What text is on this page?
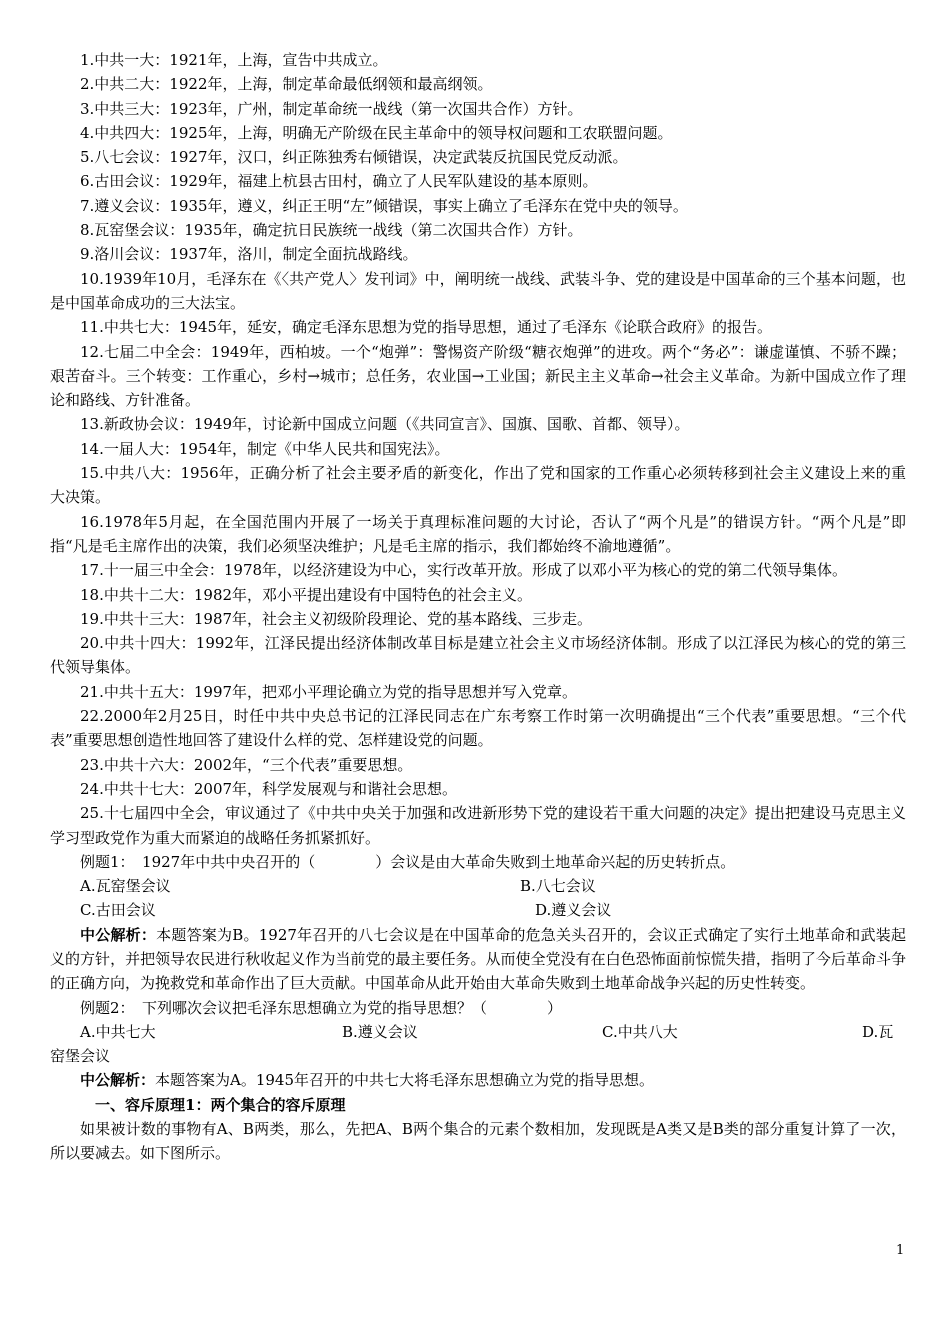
1.中共一大：1921年，上海，宣告中共成立。

2.中共二大：1922年，上海，制定革命最低纲领和最高纲领。

3.中共三大：1923年，广州，制定革命统一战线（第一次国共合作）方针。

4.中共四大：1925年，上海，明确无产阶级在民主革命中的领导权问题和工农联盟问题。

5.八七会议：1927年，汉口，纠正陈独秀右倾错误，决定武装反抗国民党反动派。

6.古田会议：1929年，福建上杭县古田村，确立了人民军队建设的基本原则。

7.遵义会议：1935年，遵义，纠正王明“左”倾错误，事实上确立了毛泽东在党中央的领导。

8.瓦窑堡会议：1935年，确定抗日民族统一战线（第二次国共合作）方针。

9.洛川会议：1937年，洛川，制定全面抗战路线。

10.1939年10月，毛泽东在《〈共产党人〉发刊词》中，阐明统一战线、武装斗争、党的建设是中国革命的三个基本问题，也是中国革命成功的三大法宝。

11.中共七大：1945年，延安，确定毛泽东思想为党的指导思想，通过了毛泽东《论联合政府》的报告。

12.七届二中全会：1949年，西柏坡。一个“炮弹”：警惕资产阶级“糖衣炮弹”的进攻。两个“务必”：谦虚谨慎、不骄不躁；艰苦奋斗。三个转变：工作重心，乡村→城市；总任务，农业国→工业国；新民主主义革命→社会主义革命。为新中国成立作了理论和路线、方针准备。

13.新政协会议：1949年，讨论新中国成立问题（《共同宣言》、国旗、国歌、首都、领导）。

14.一届人大：1954年，制定《中华人民共和国宪法》。

15.中共八大：1956年，正确分析了社会主要矛盾的新变化，作出了党和国家的工作重心必须转移到社会主义建设上来的重大决策。

16.1978年5月起，在全国范围内开展了一场关于真理标准问题的大讨论，否认了“两个凡是”的错误方针。“两个凡是”即指“凡是毛主席作出的决策，我们必须坚决维护；凡是毛主席的指示，我们都始终不渝地遵循”。

17.十一届三中全会：1978年，以经济建设为中心，实行改革开放。形成了以邓小平为核心的党的第二代领导集体。

18.中共十二大：1982年，邓小平提出建设有中国特色的社会主义。

19.中共十三大：1987年，社会主义初级阶段理论、党的基本路线、三步走。

20.中共十四大：1992年，江泽民提出经济体制改革目标是建立社会主义市场经济体制。形成了以江泽民为核心的党的第三代领导集体。

21.中共十五大：1997年，把邓小平理论确立为党的指导思想并写入党章。

22.2000年2月25日，时任中共中央总书记的江泽民同志在广东考察工作时第一次明确提出“三个代表”重要思想。“三个代表”重要思想创造性地回答了建设什么样的党、怎样建设党的问题。

23.中共十六大：2002年，“三个代表”重要思想。

24.中共十七大：2007年，科学发展观与和谐社会思想。

25.十七届四中全会，审议通过了《中共中央关于加强和改进新形势下党的建设若干重大问题的决定》提出把建设马克思主义学习型政党作为重大而紧迫的战略任务抓紧抓好。

例题1：　1927年中共中央召开的（　　　　）会议是由大革命失败到土地革命兴起的历史转折点。

A.瓦窑堡会议	B.八七会议

C.古田会议	D.遵义会议

中公解析：本题答案为B。1927年召开的八七会议是在中国革命的危急关头召开的，会议正式确定了实行土地革命和武装起义的方针，并把领导农民进行秋收起义作为当前党的最主要任务。从而使全党没有在白色恐怖面前惊慌失措，指明了今后革命斗争的正确方向，为挽救党和革命作出了巨大贡献。中国革命从此开始由大革命失败到土地革命战争兴起的历史性转变。

例题2：　下列哪次会议把毛泽东思想确立为党的指导思想？（　　　　）

A.中共七大	B.遵义会议	C.中共八大	D.瓦

窑堡会议

中公解析：本题答案为A。1945年召开的中共七大将毛泽东思想确立为党的指导思想。

一、容斥原理1：两个集合的容斥原理

如果被计数的事物有A、B两类，那么，先把A、B两个集合的元素个数相加，发现既是A类又是B类的部分重复计算了一次，所以要减去。如下图所示。

1
